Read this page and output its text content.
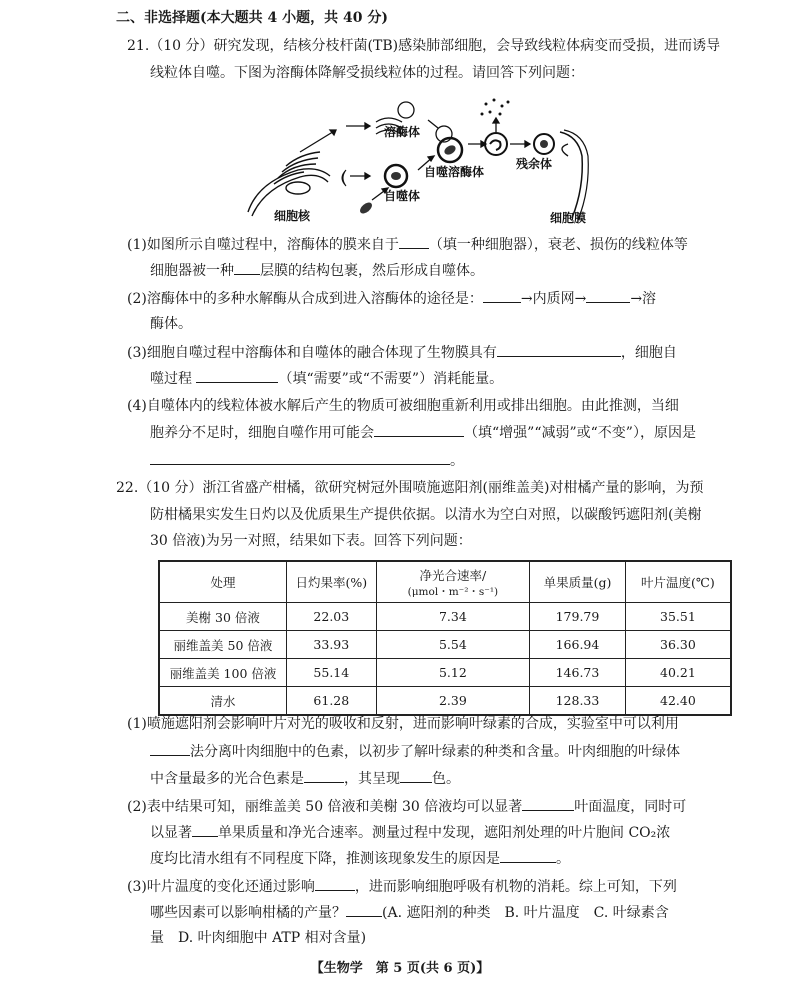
二、非选择题(本大题共 4 小题，共 40 分)
21.（10 分）研究发现，结核分枝杆菌(TB)感染肺部细胞，会导致线粒体病变而受损，进而诱导
线粒体自噬。下图为溶酶体降解受损线粒体的过程。请回答下列问题：
溶酶体
细胞核
自噬体
自噬溶酶体
残余体
细胞膜
(1)如图所示自噬过程中，溶酶体的膜来自于 （填一种细胞器），衰老、损伤的线粒体等
细胞器被一种 层膜的结构包裹，然后形成自噬体。
(2)溶酶体中的多种水解酶从合成到进入溶酶体的途径是：	→内质网→	→溶
酶体。
(3)细胞自噬过程中溶酶体和自噬体的融合体现了生物膜具有	，细胞自
噬过程	（填“需要”或“不需要”）消耗能量。
(4)自噬体内的线粒体被水解后产生的物质可被细胞重新利用或排出细胞。由此推测，当细
胞养分不足时，细胞自噬作用可能会	（填“增强”“减弱”或“不变”），原因是
。
22.（10 分）浙江省盛产柑橘，欲研究树冠外围喷施遮阳剂(丽维盖美)对柑橘产量的影响，为预
防柑橘果实发生日灼以及优质果生产提供依据。以清水为空白对照，以碳酸钙遮阳剂(美榭
30 倍液)为另一对照，结果如下表。回答下列问题：
处理	日灼果率(%)	净光合速率/
(μmol・m⁻²・s⁻¹)	单果质量(g)	叶片温度(℃)
美榭 30 倍液	22.03	7.34	179.79	35.51
丽维盖美 50 倍液	33.93	5.54	166.94	36.30
丽维盖美 100 倍液	55.14	5.12	146.73	40.21
清水	61.28	2.39	128.33	42.40
(1)喷施遮阳剂会影响叶片对光的吸收和反射，进而影响叶绿素的合成，实验室中可以利用
法分离叶肉细胞中的色素，以初步了解叶绿素的种类和含量。叶肉细胞的叶绿体
中含量最多的光合色素是	，其呈现 色。
(2)表中结果可知，丽维盖美 50 倍液和美榭 30 倍液均可以显著	叶面温度，同时可
以显著 单果质量和净光合速率。测量过程中发现，遮阳剂处理的叶片胞间 CO₂浓
度均比清水组有不同程度下降，推测该现象发生的原因是	。
(3)叶片温度的变化还通过影响	，进而影响细胞呼吸有机物的消耗。综上可知，下列
哪些因素可以影响柑橘的产量？	(A. 遮阳剂的种类　B. 叶片温度　C. 叶绿素含
量　D. 叶肉细胞中 ATP 相对含量)
【生物学　第 5 页(共 6 页)】
